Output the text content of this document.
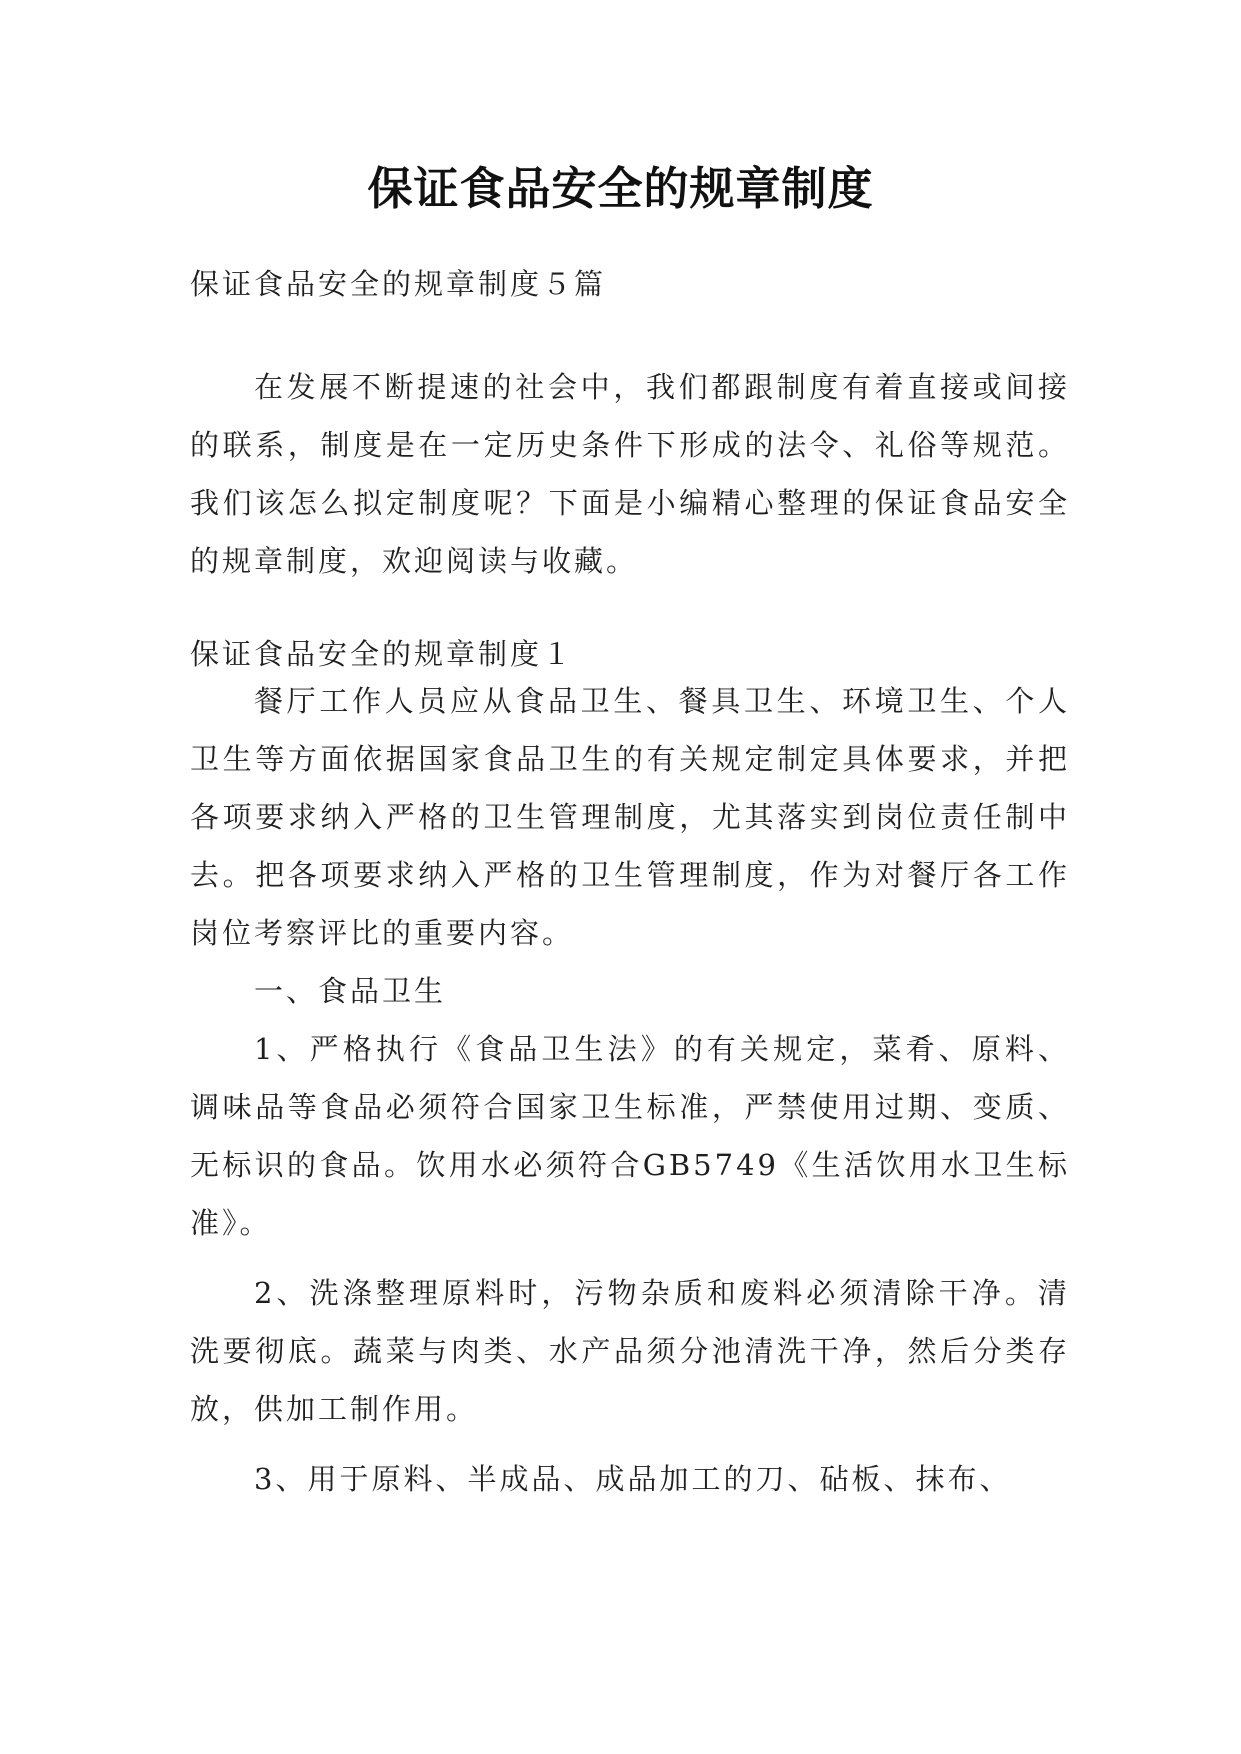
保证食品安全的规章制度
保证食品安全的规章制度５篇

在发展不断提速的社会中，我们都跟制度有着直接或间接的联系，制度是在一定历史条件下形成的法令、礼俗等规范。我们该怎么拟定制度呢？下面是小编精心整理的保证食品安全的规章制度，欢迎阅读与收藏。

保证食品安全的规章制度１

餐厅工作人员应从食品卫生、餐具卫生、环境卫生、个人卫生等方面依据国家食品卫生的有关规定制定具体要求，并把各项要求纳入严格的卫生管理制度，尤其落实到岗位责任制中去。把各项要求纳入严格的卫生管理制度，作为对餐厅各工作岗位考察评比的重要内容。

一、食品卫生

1、严格执行《食品卫生法》的有关规定，菜肴、原料、调味品等食品必须符合国家卫生标准，严禁使用过期、变质、无标识的食品。饮用水必须符合GB5749《生活饮用水卫生标准》。

2、洗涤整理原料时，污物杂质和废料必须清除干净。清洗要彻底。蔬菜与肉类、水产品须分池清洗干净，然后分类存放，供加工制作用。

3、用于原料、半成品、成品加工的刀、砧板、抹布、
